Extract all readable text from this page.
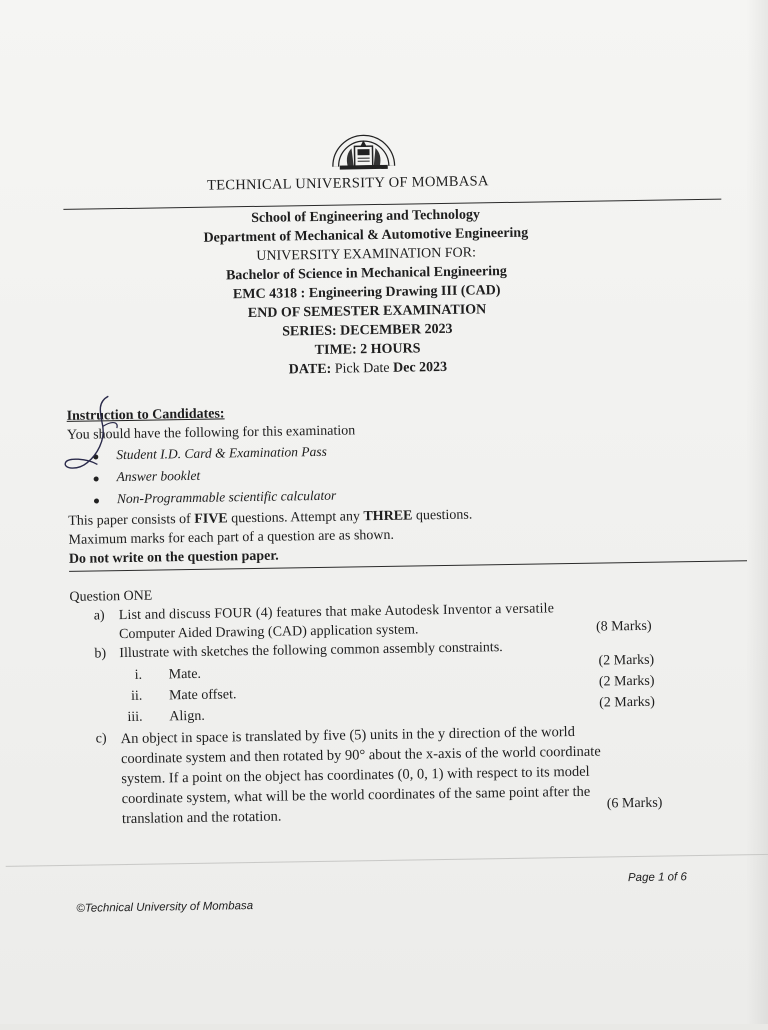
TECHNICAL UNIVERSITY OF MOMBASA
School of Engineering and Technology
Department of Mechanical & Automotive Engineering
UNIVERSITY EXAMINATION FOR:
Bachelor of Science in Mechanical Engineering
EMC 4318 : Engineering Drawing III (CAD)
END OF SEMESTER EXAMINATION
SERIES: DECEMBER 2023
TIME: 2 HOURS
DATE: Pick Date Dec 2023
Instruction to Candidates:
You should have the following for this examination
Student I.D. Card & Examination Pass
Answer booklet
Non-Programmable scientific calculator
This paper consists of FIVE questions. Attempt any THREE questions.
Maximum marks for each part of a question are as shown.
Do not write on the question paper.
Question ONE
a) List and discuss FOUR (4) features that make Autodesk Inventor a versatile
Computer Aided Drawing (CAD) application system.	(8 Marks)
b) Illustrate with sketches the following common assembly constraints.
i. Mate.
(2 Marks)
ii. Mate offset.
(2 Marks)
iii. Align.
(2 Marks)
c) An object in space is translated by five (5) units in the y direction of the world
coordinate system and then rotated by 90° about the x-axis of the world coordinate
system. If a point on the object has coordinates (0, 0, 1) with respect to its model
coordinate system, what will be the world coordinates of the same point after the
translation and the rotation.
(6 Marks)
Page 1 of 6
©Technical University of Mombasa
